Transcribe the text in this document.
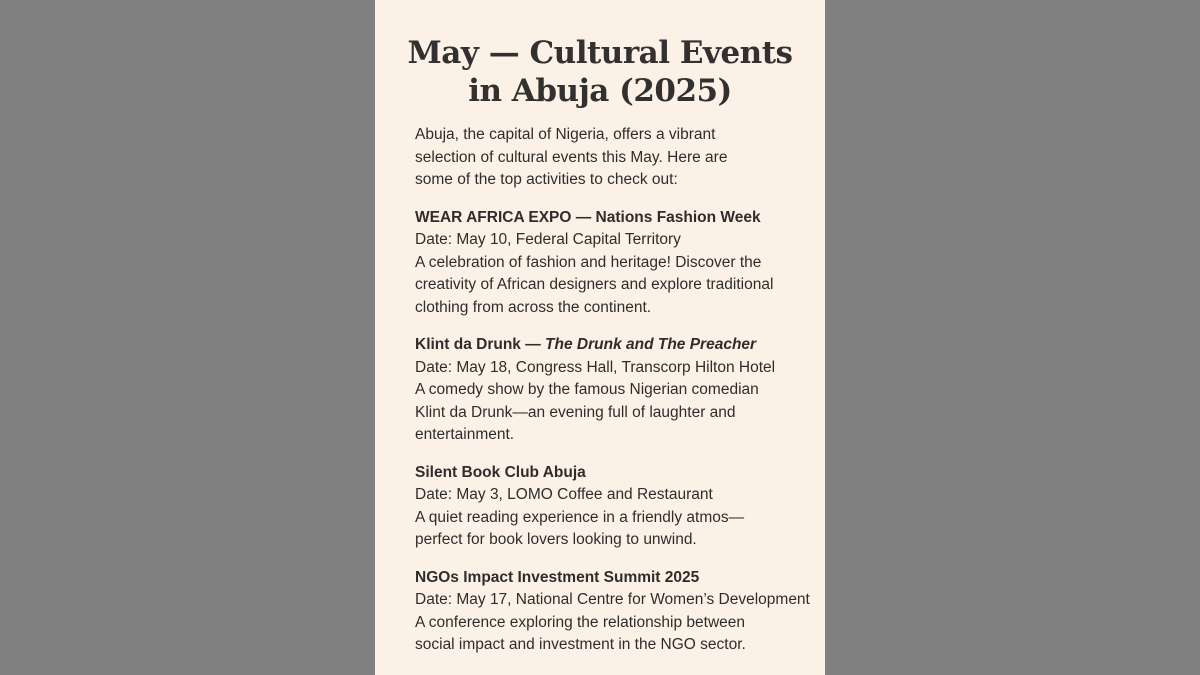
May — Cultural Events
in Abuja (2025)

Abuja, the capital of Nigeria, offers a vibrant
selection of cultural events this May. Here are
some of the top activities to check out:

WEAR AFRICA EXPO — Nations Fashion Week

Date: May 10, Federal Capital Territory

A celebration of fashion and heritage! Discover the
creativity of African designers and explore traditional
clothing from across the continent.

Klint da Drunk — The Drunk and The Preacher

Date: May 18, Congress Hall, Transcorp Hilton Hotel

A comedy show by the famous Nigerian comedian
Klint da Drunk—an evening full of laughter and
entertainment.

Silent Book Club Abuja

Date: May 3, LOMO Coffee and Restaurant

A quiet reading experience in a friendly atmos—
perfect for book lovers looking to unwind.

NGOs Impact Investment Summit 2025

Date: May 17, National Centre for Women’s Development

A conference exploring the relationship between
social impact and investment in the NGO sector.
